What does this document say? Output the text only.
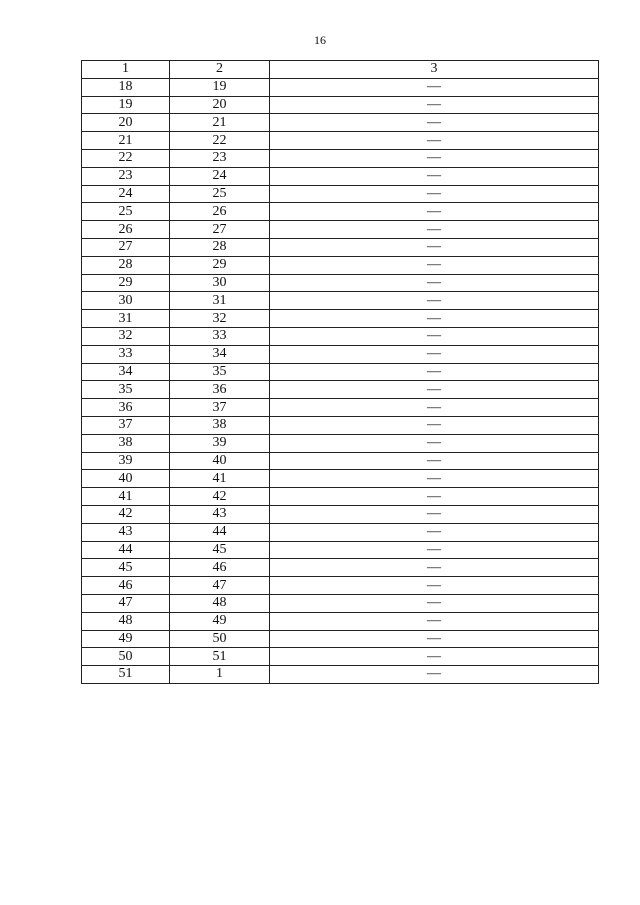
16
1	2	3
18	19	—
19	20	—
20	21	—
21	22	—
22	23	—
23	24	—
24	25	—
25	26	—
26	27	—
27	28	—
28	29	—
29	30	—
30	31	—
31	32	—
32	33	—
33	34	—
34	35	—
35	36	—
36	37	—
37	38	—
38	39	—
39	40	—
40	41	—
41	42	—
42	43	—
43	44	—
44	45	—
45	46	—
46	47	—
47	48	—
48	49	—
49	50	—
50	51	—
51	1	—
